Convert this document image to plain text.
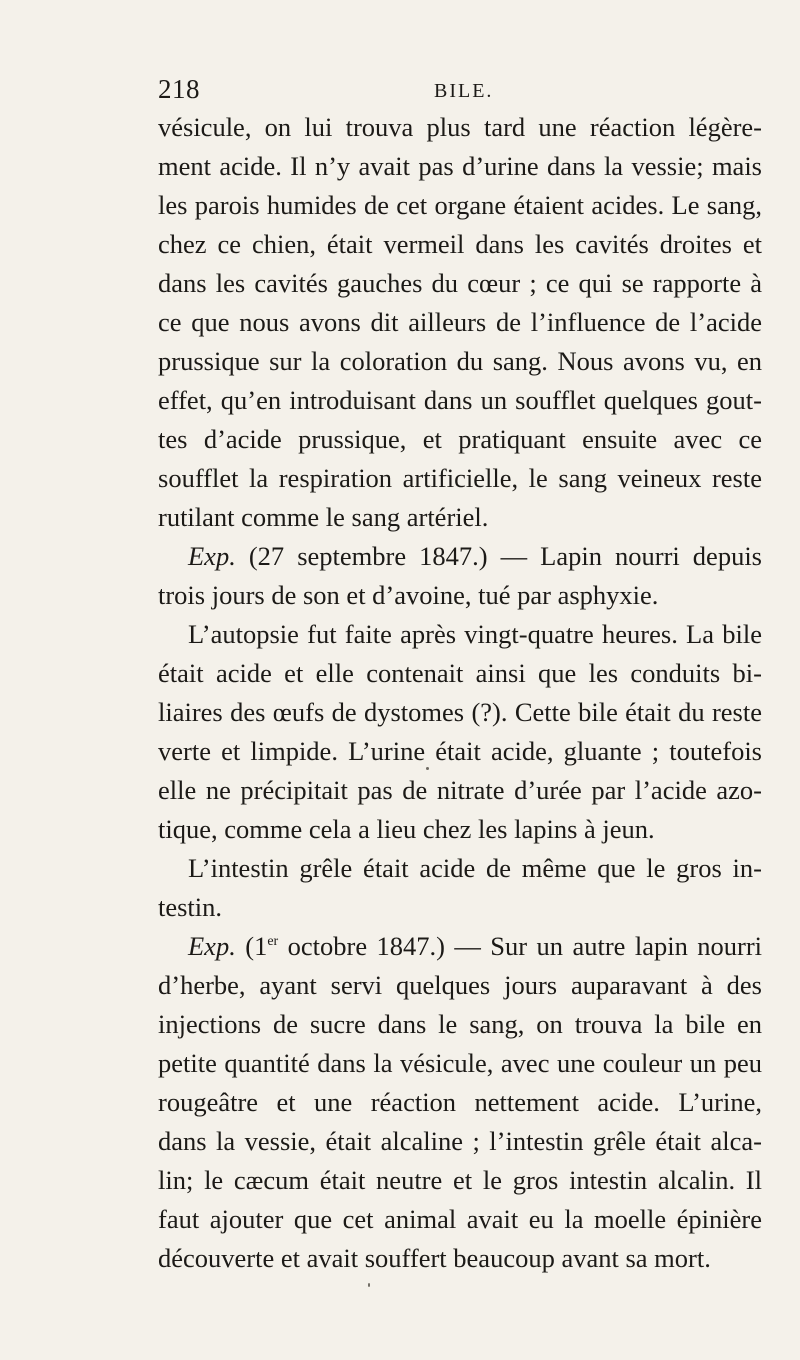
218	BILE.
vésicule, on lui trouva plus tard une réaction légère-
ment acide. Il n’y avait pas d’urine dans la vessie; mais
les parois humides de cet organe étaient acides. Le sang,
chez ce chien, était vermeil dans les cavités droites et
dans les cavités gauches du cœur ; ce qui se rapporte à
ce que nous avons dit ailleurs de l’influence de l’acide
prussique sur la coloration du sang. Nous avons vu, en
effet, qu’en introduisant dans un soufflet quelques gout-
tes d’acide prussique, et pratiquant ensuite avec ce
soufflet la respiration artificielle, le sang veineux reste
rutilant comme le sang artériel.
Exp. (27 septembre 1847.) — Lapin nourri depuis
trois jours de son et d’avoine, tué par asphyxie.
L’autopsie fut faite après vingt-quatre heures. La bile
était acide et elle contenait ainsi que les conduits bi-
liaires des œufs de dystomes (?). Cette bile était du reste
verte et limpide. L’urine était acide, gluante ; toutefois
elle ne précipitait pas de nitrate d’urée par l’acide azo-
tique, comme cela a lieu chez les lapins à jeun.
L’intestin grêle était acide de même que le gros in-
testin.
Exp. (1er octobre 1847.) — Sur un autre lapin nourri
d’herbe, ayant servi quelques jours auparavant à des
injections de sucre dans le sang, on trouva la bile en
petite quantité dans la vésicule, avec une couleur un peu
rougeâtre et une réaction nettement acide. L’urine,
dans la vessie, était alcaline ; l’intestin grêle était alca-
lin; le cæcum était neutre et le gros intestin alcalin. Il
faut ajouter que cet animal avait eu la moelle épinière
découverte et avait souffert beaucoup avant sa mort.
